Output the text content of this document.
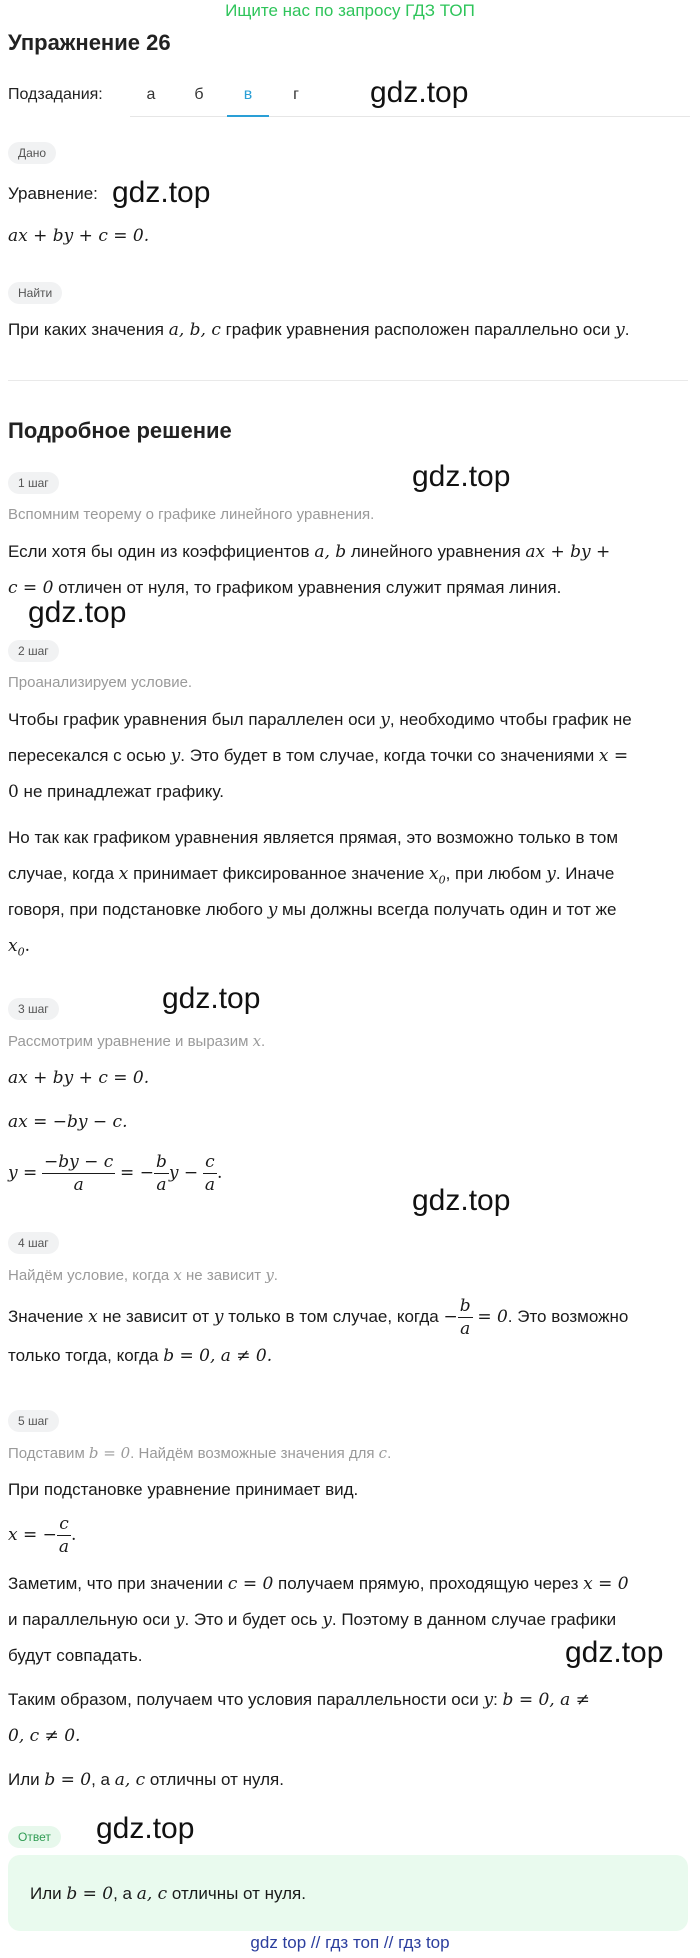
Ищите нас по запросу ГДЗ ТОП
Упражнение 26
Подзадания:	а	б	в	г	gdz.top
gdz.top
gdz.top
gdz.top
gdz.top
gdz.top
gdz.top
gdz.top
Дано
Уравнение:
ax + by + c = 0.
Найти
При каких значения a, b, c график уравнения расположен параллельно оси y.
Подробное решение
1 шаг
Вспомним теорему о графике линейного уравнения.
Если хотя бы один из коэффициентов a, b линейного уравнения ax + by +
c = 0 отличен от нуля, то графиком уравнения служит прямая линия.
2 шаг
Проанализируем условие.
Чтобы график уравнения был параллелен оси y, необходимо чтобы график не
пересекался с осью y. Это будет в том случае, когда точки со значениями x =
0 не принадлежат графику.
Но так как графиком уравнения является прямая, это возможно только в том
случае, когда x принимает фиксированное значение $x_0$, при любом y. Иначе
говоря, при подстановке любого y мы должны всегда получать один и тот же
$x_0$.
3 шаг
Рассмотрим уравнение и выразим x.
ax + by + c = 0.
ax = −by − c.
$y = \frac{-by - c}{a}$ = − $\frac{b}{a}$ $y - \frac{c}{a}$ .
4 шаг
Найдём условие, когда x не зависит y.
Значение x не зависит от y только в том случае, когда − $\frac{b}{a} = 0$. Это возможно
только тогда, когда b = 0, a ≠ 0.
5 шаг
Подставим b = 0. Найдём возможные значения для c.
При подстановке уравнение принимает вид.
x = − $\frac{c}{a}$ .
Заметим, что при значении c = 0 получаем прямую, проходящую через x = 0
и параллельную оси y. Это и будет ось y. Поэтому в данном случае графики
будут совпадать.
Таким образом, получаем что условия параллельности оси y: b = 0, a ≠
0, c ≠ 0.
Или b = 0, а a, c отличны от нуля.
Ответ
Или b = 0, а a, c отличны от нуля.
gdz top // гдз топ // гдз top
